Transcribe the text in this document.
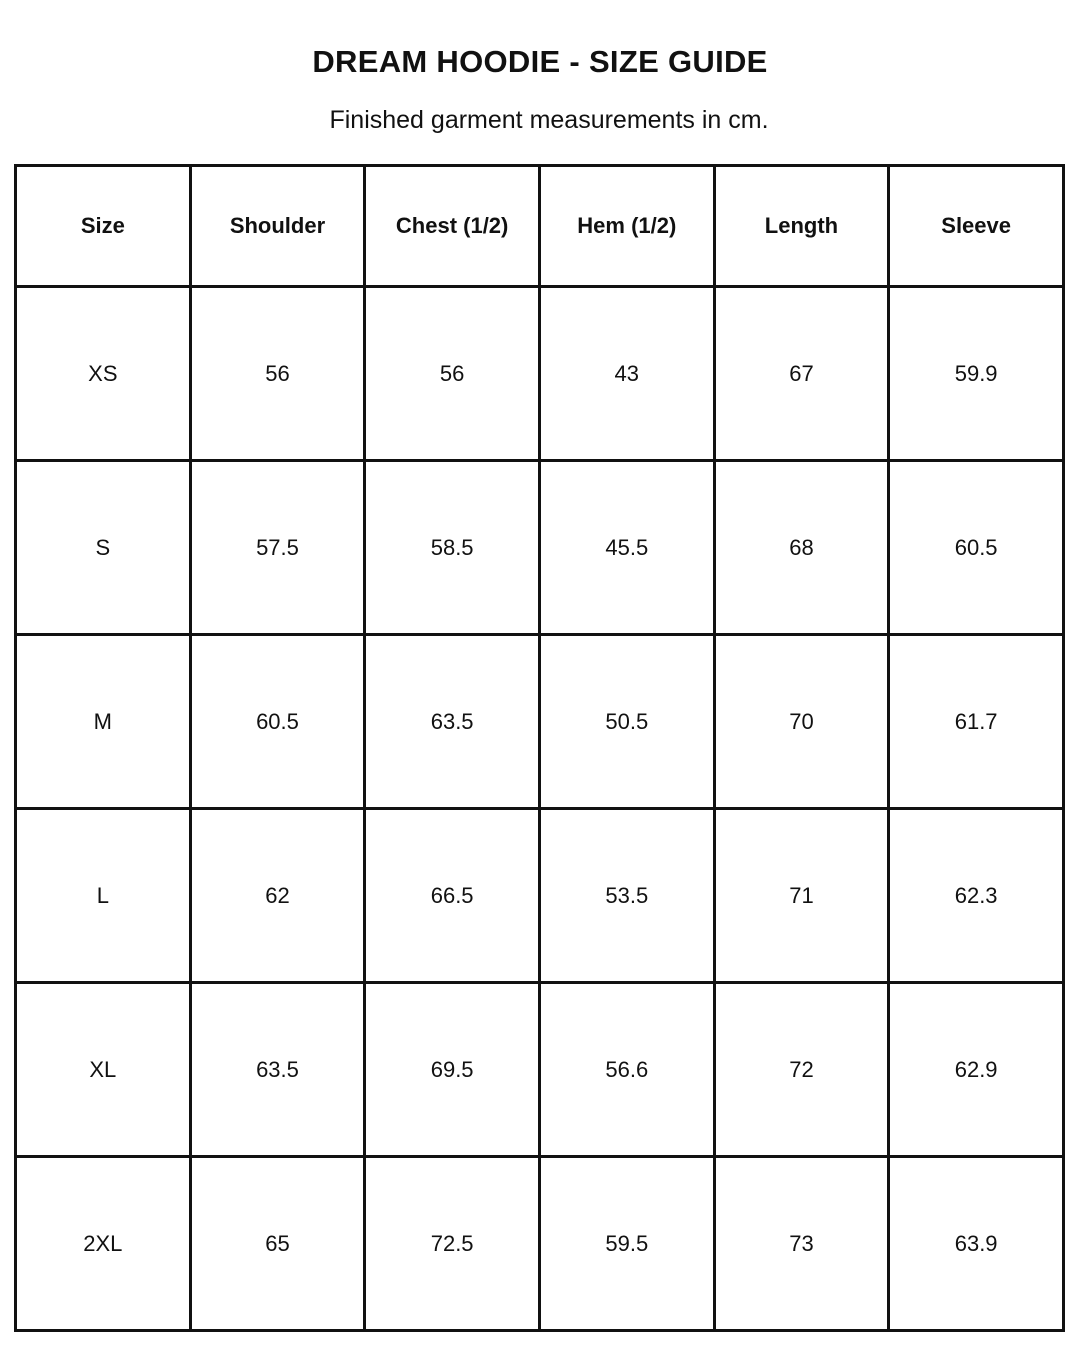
DREAM HOODIE - SIZE GUIDE

Finished garment measurements in cm.

Size	Shoulder	Chest (1/2)	Hem (1/2)	Length	Sleeve
XS	56	56	43	67	59.9
S	57.5	58.5	45.5	68	60.5
M	60.5	63.5	50.5	70	61.7
L	62	66.5	53.5	71	62.3
XL	63.5	69.5	56.6	72	62.9
2XL	65	72.5	59.5	73	63.9
